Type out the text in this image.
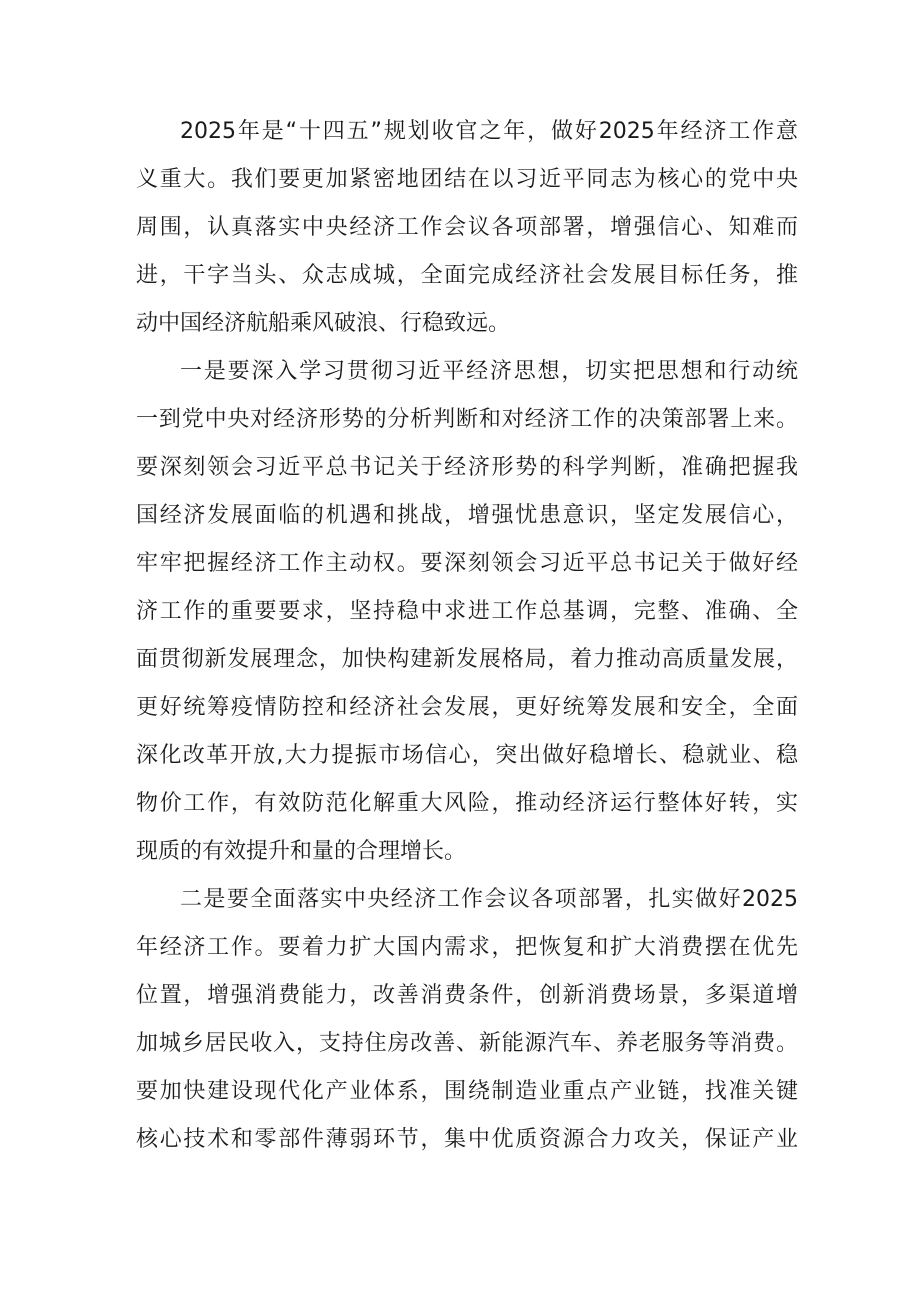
2025年是“十四五”规划收官之年，做好2025年经济工作意
义重大。我们要更加紧密地团结在以习近平同志为核心的党中央
周围，认真落实中央经济工作会议各项部署，增强信心、知难而
进，干字当头、众志成城，全面完成经济社会发展目标任务，推
动中国经济航船乘风破浪、行稳致远。
一是要深入学习贯彻习近平经济思想，切实把思想和行动统
一到党中央对经济形势的分析判断和对经济工作的决策部署上来。
要深刻领会习近平总书记关于经济形势的科学判断，准确把握我
国经济发展面临的机遇和挑战，增强忧患意识，坚定发展信心，
牢牢把握经济工作主动权。要深刻领会习近平总书记关于做好经
济工作的重要要求，坚持稳中求进工作总基调，完整、准确、全
面贯彻新发展理念，加快构建新发展格局，着力推动高质量发展，
更好统筹疫情防控和经济社会发展，更好统筹发展和安全，全面
深化改革开放,大力提振市场信心，突出做好稳增长、稳就业、稳
物价工作，有效防范化解重大风险，推动经济运行整体好转，实
现质的有效提升和量的合理增长。
二是要全面落实中央经济工作会议各项部署，扎实做好2025
年经济工作。要着力扩大国内需求，把恢复和扩大消费摆在优先
位置，增强消费能力，改善消费条件，创新消费场景，多渠道增
加城乡居民收入，支持住房改善、新能源汽车、养老服务等消费。
要加快建设现代化产业体系，围绕制造业重点产业链，找准关键
核心技术和零部件薄弱环节，集中优质资源合力攻关，保证产业
